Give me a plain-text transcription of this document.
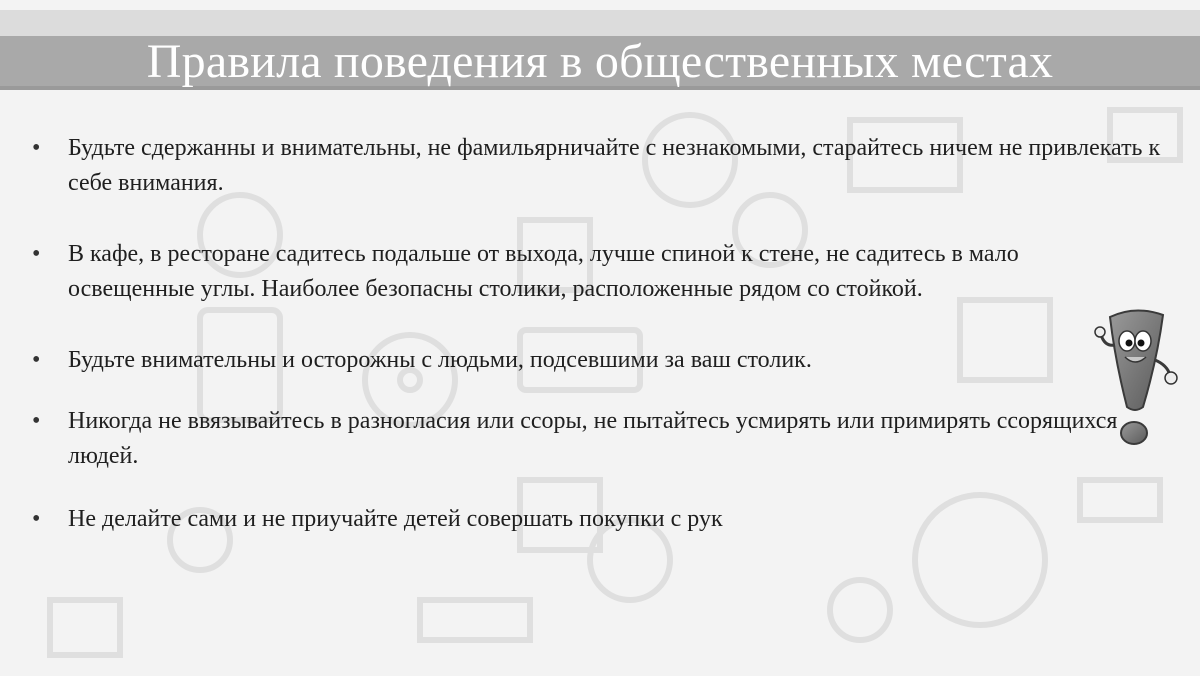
Правила поведения в общественных местах
• Будьте сдержанны и внимательны, не фамильярничайте с незнакомыми, старайтесь ничем не привлекать к себе внимания.
• В кафе, в ресторане садитесь подальше от выхода, лучше спиной к стене, не садитесь в мало освещенные углы. Наиболее безопасны столики, расположенные рядом со стойкой.
• Будьте внимательны и осторожны с людьми, подсевшими за ваш столик.
• Никогда не ввязывайтесь в разногласия или ссоры, не пытайтесь усмирять или примирять ссорящихся людей.
• Не делайте сами и не приучайте детей совершать покупки с рук
